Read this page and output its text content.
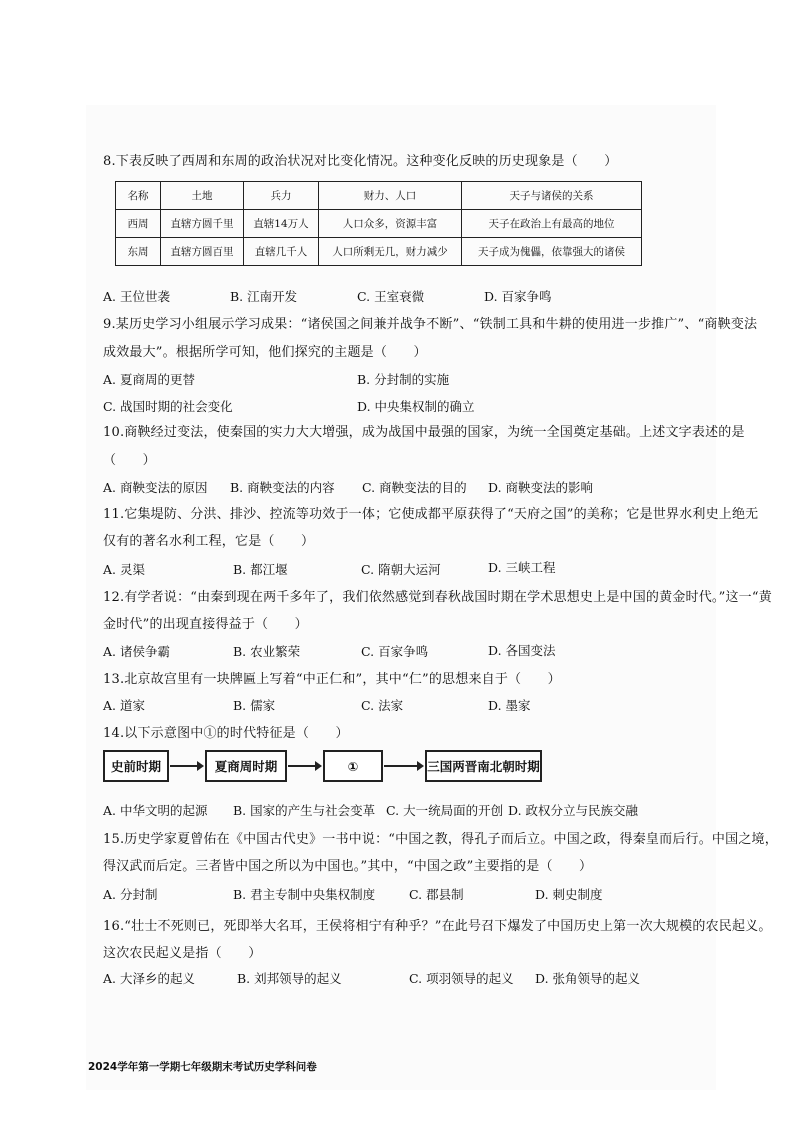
8.下表反映了西周和东周的政治状况对比变化情况。这种变化反映的历史现象是（　　）
名称	土地	兵力	财力、人口	天子与诸侯的关系
西周	直辖方圆千里	直辖14万人	人口众多，资源丰富	天子在政治上有最高的地位
东周	直辖方圆百里	直辖几千人	人口所剩无几，财力减少	天子成为傀儡，依靠强大的诸侯
A. 王位世袭	B. 江南开发	C. 王室衰微	D. 百家争鸣
9.某历史学习小组展示学习成果：“诸侯国之间兼并战争不断”、“铁制工具和牛耕的使用进一步推广”、“商鞅变法
成效最大”。根据所学可知，他们探究的主题是（　　）
A. 夏商周的更替	B. 分封制的实施
C. 战国时期的社会变化	D. 中央集权制的确立
10.商鞅经过变法，使秦国的实力大大增强，成为战国中最强的国家，为统一全国奠定基础。上述文字表述的是
（　　）
A. 商鞅变法的原因 B. 商鞅变法的内容 C. 商鞅变法的目的 D. 商鞅变法的影响
11.它集堤防、分洪、排沙、控流等功效于一体；它使成都平原获得了“天府之国”的美称；它是世界水利史上绝无
仅有的著名水利工程，它是（　　）
A. 灵渠	B. 都江堰	C. 隋朝大运河	D. 三峡工程
12.有学者说：“由秦到现在两千多年了，我们依然感觉到春秋战国时期在学术思想史上是中国的黄金时代。”这一“黄
金时代”的出现直接得益于（　　）
A. 诸侯争霸	B. 农业繁荣	C. 百家争鸣	D. 各国变法
13.北京故宫里有一块牌匾上写着“中正仁和”，其中“仁”的思想来自于（　　）
A. 道家	B. 儒家	C. 法家	D. 墨家
14.以下示意图中①的时代特征是（　　）
史前时期	夏商周时期	①	三国两晋南北朝时期
A. 中华文明的起源 B. 国家的产生与社会变革 C. 大一统局面的开创 D. 政权分立与民族交融
15.历史学家夏曾佑在《中国古代史》一书中说：“中国之教，得孔子而后立。中国之政，得秦皇而后行。中国之境，
得汉武而后定。三者皆中国之所以为中国也。”其中，“中国之政”主要指的是（　　）
A. 分封制	B. 君主专制中央集权制度	C. 郡县制	D. 刺史制度
16.“壮士不死则已，死即举大名耳，王侯将相宁有种乎？”在此号召下爆发了中国历史上第一次大规模的农民起义。
这次农民起义是指（　　）
A. 大泽乡的起义	B. 刘邦领导的起义	C. 项羽领导的起义 D. 张角领导的起义
2024学年第一学期七年级期末考试历史学科问卷
